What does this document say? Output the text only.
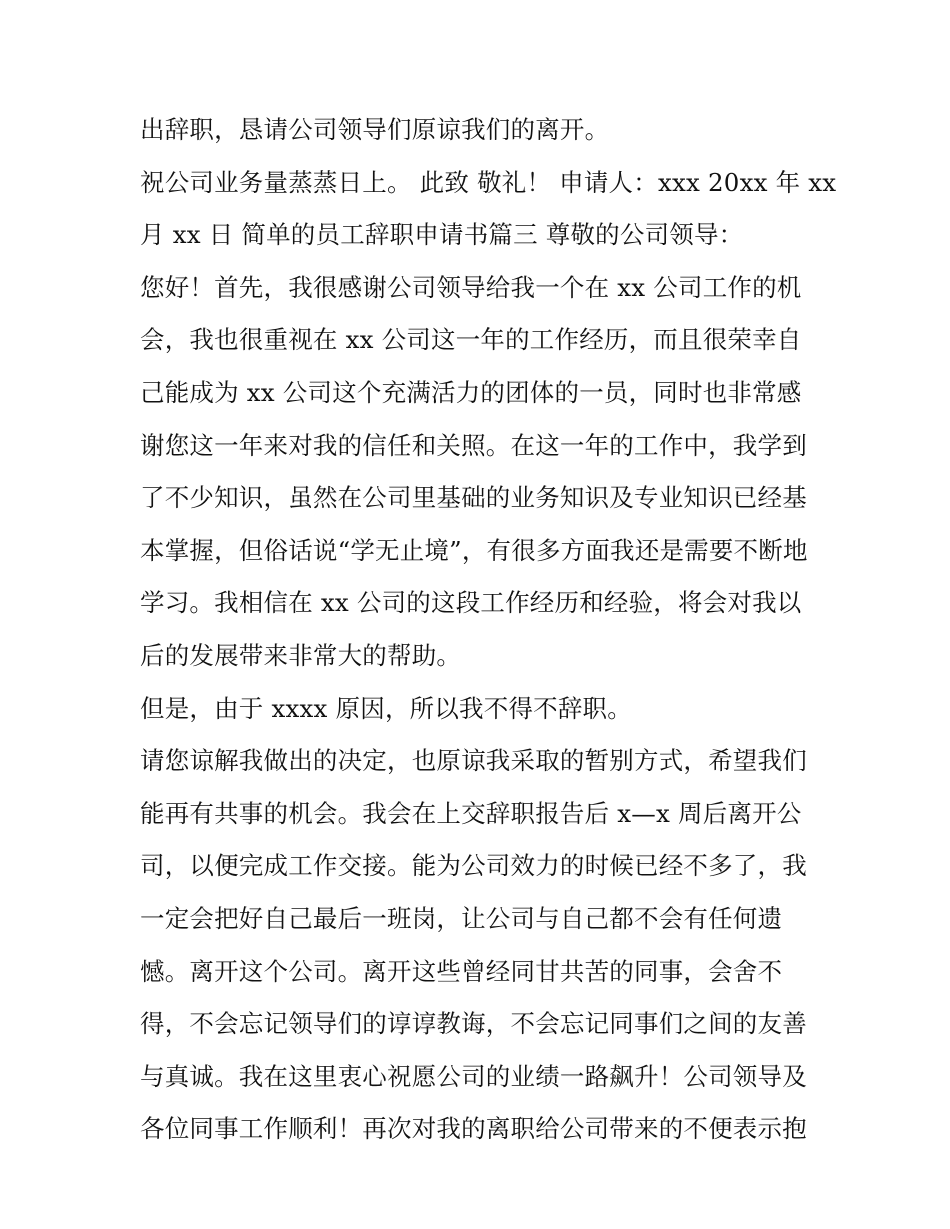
出辞职，恳请公司领导们原谅我们的离开。
祝公司业务量蒸蒸日上。 此致 敬礼！ 申请人：xxx 20xx 年 xx
月 xx 日 简单的员工辞职申请书篇三 尊敬的公司领导：
您好！首先，我很感谢公司领导给我一个在 xx 公司工作的机
会，我也很重视在 xx 公司这一年的工作经历，而且很荣幸自
己能成为 xx 公司这个充满活力的团体的一员，同时也非常感
谢您这一年来对我的信任和关照。在这一年的工作中，我学到
了不少知识，虽然在公司里基础的业务知识及专业知识已经基
本掌握，但俗话说“学无止境”，有很多方面我还是需要不断地
学习。我相信在 xx 公司的这段工作经历和经验，将会对我以
后的发展带来非常大的帮助。
但是，由于 xxxx 原因，所以我不得不辞职。
请您谅解我做出的决定，也原谅我采取的暂别方式，希望我们
能再有共事的机会。我会在上交辞职报告后 x—x 周后离开公
司，以便完成工作交接。能为公司效力的时候已经不多了，我
一定会把好自己最后一班岗，让公司与自己都不会有任何遗
憾。离开这个公司。离开这些曾经同甘共苦的同事，会舍不
得，不会忘记领导们的谆谆教诲，不会忘记同事们之间的友善
与真诚。我在这里衷心祝愿公司的业绩一路飙升！公司领导及
各位同事工作顺利！再次对我的离职给公司带来的不便表示抱
